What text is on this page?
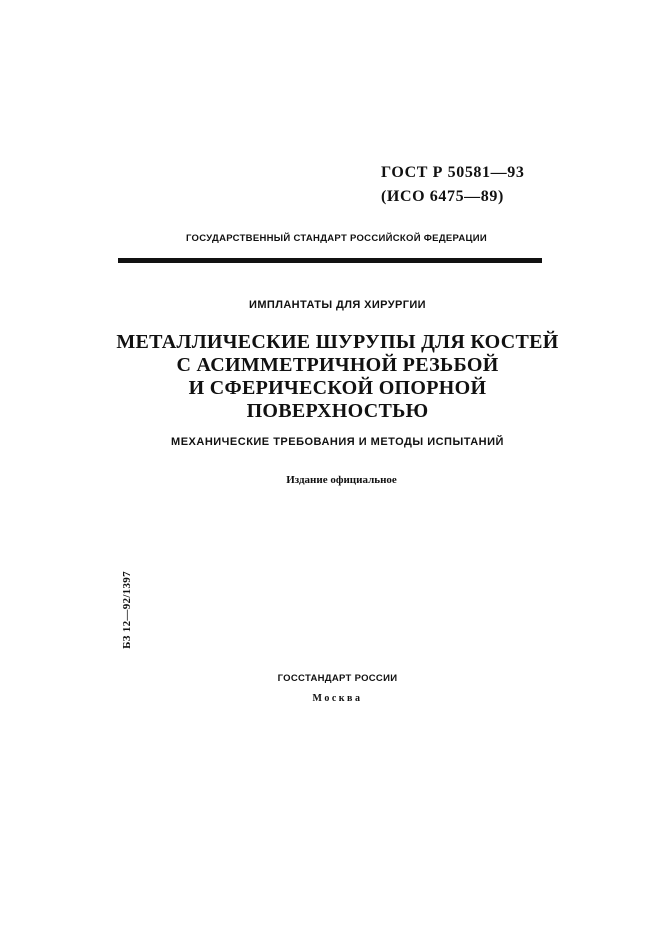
ГОСТ Р 50581—93
(ИСО 6475—89)
ГОСУДАРСТВЕННЫЙ СТАНДАРТ РОССИЙСКОЙ ФЕДЕРАЦИИ
ИМПЛАНТАТЫ ДЛЯ ХИРУРГИИ
МЕТАЛЛИЧЕСКИЕ ШУРУПЫ ДЛЯ КОСТЕЙ
С АСИММЕТРИЧНОЙ РЕЗЬБОЙ
И СФЕРИЧЕСКОЙ ОПОРНОЙ
ПОВЕРХНОСТЬЮ
МЕХАНИЧЕСКИЕ ТРЕБОВАНИЯ И МЕТОДЫ ИСПЫТАНИЙ
Издание официальное
БЗ 12—92/1397
ГОССТАНДАРТ РОССИИ
Москва
